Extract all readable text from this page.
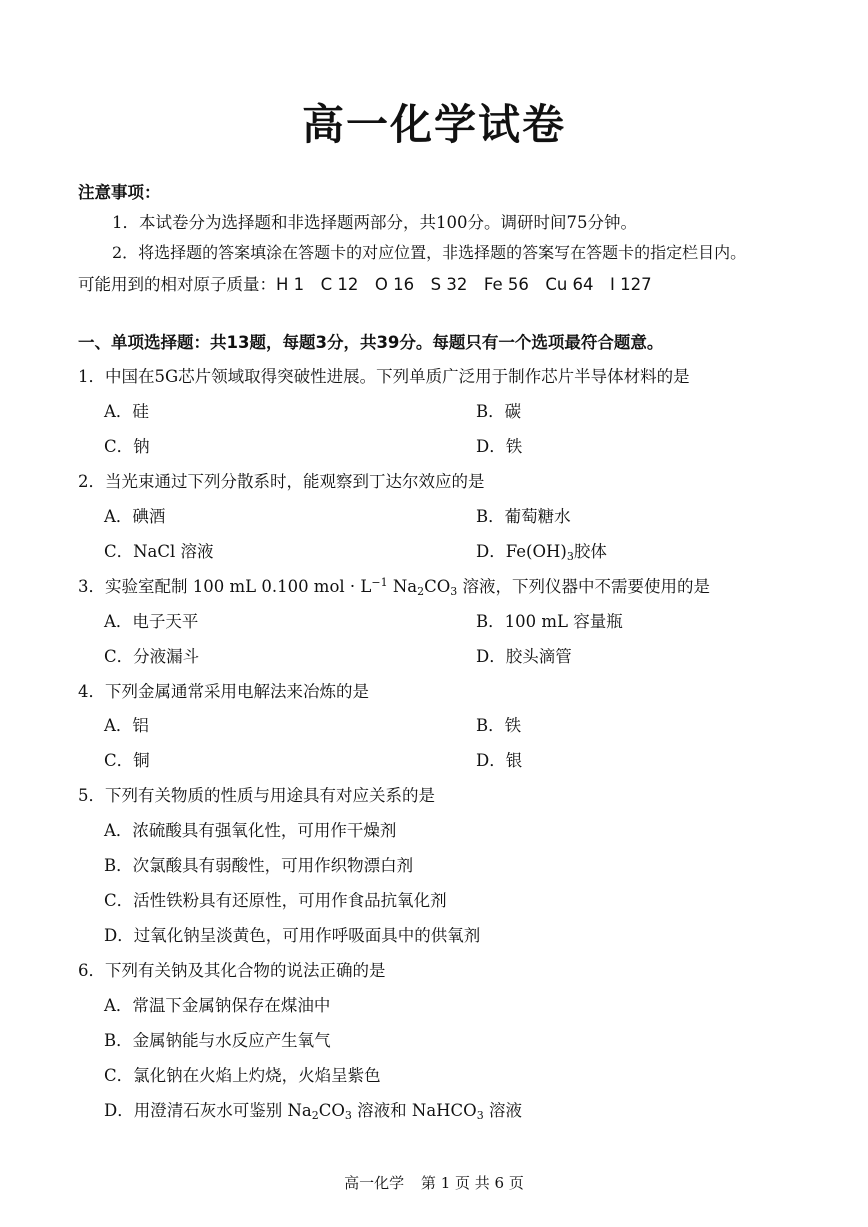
高一化学试卷
注意事项：
1．本试卷分为选择题和非选择题两部分，共100分。调研时间75分钟。
2．将选择题的答案填涂在答题卡的对应位置，非选择题的答案写在答题卡的指定栏目内。
可能用到的相对原子质量：H 1　C 12　O 16　S 32　Fe 56　Cu 64　I 127
一、单项选择题：共13题，每题3分，共39分。每题只有一个选项最符合题意。
1．中国在5G芯片领域取得突破性进展。下列单质广泛用于制作芯片半导体材料的是
A．硅	B．碳
C．钠	D．铁
2．当光束通过下列分散系时，能观察到丁达尔效应的是
A．碘酒	B．葡萄糖水
C．NaCl 溶液	D．$Fe(OH)_3$胶体
3．实验室配制 100 mL 0.100 mol · $L^{-1}$ $Na_2CO_3$ 溶液，下列仪器中不需要使用的是
A．电子天平	B．100 mL 容量瓶
C．分液漏斗	D．胶头滴管
4．下列金属通常采用电解法来冶炼的是
A．铝	B．铁
C．铜	D．银
5．下列有关物质的性质与用途具有对应关系的是
A．浓硫酸具有强氧化性，可用作干燥剂
B．次氯酸具有弱酸性，可用作织物漂白剂
C．活性铁粉具有还原性，可用作食品抗氧化剂
D．过氧化钠呈淡黄色，可用作呼吸面具中的供氧剂
6．下列有关钠及其化合物的说法正确的是
A．常温下金属钠保存在煤油中
B．金属钠能与水反应产生氧气
C．氯化钠在火焰上灼烧，火焰呈紫色
D．用澄清石灰水可鉴别 $Na_2CO_3$ 溶液和 NaHCO$_3$ 溶液
高一化学 第 1 页 共 6 页
